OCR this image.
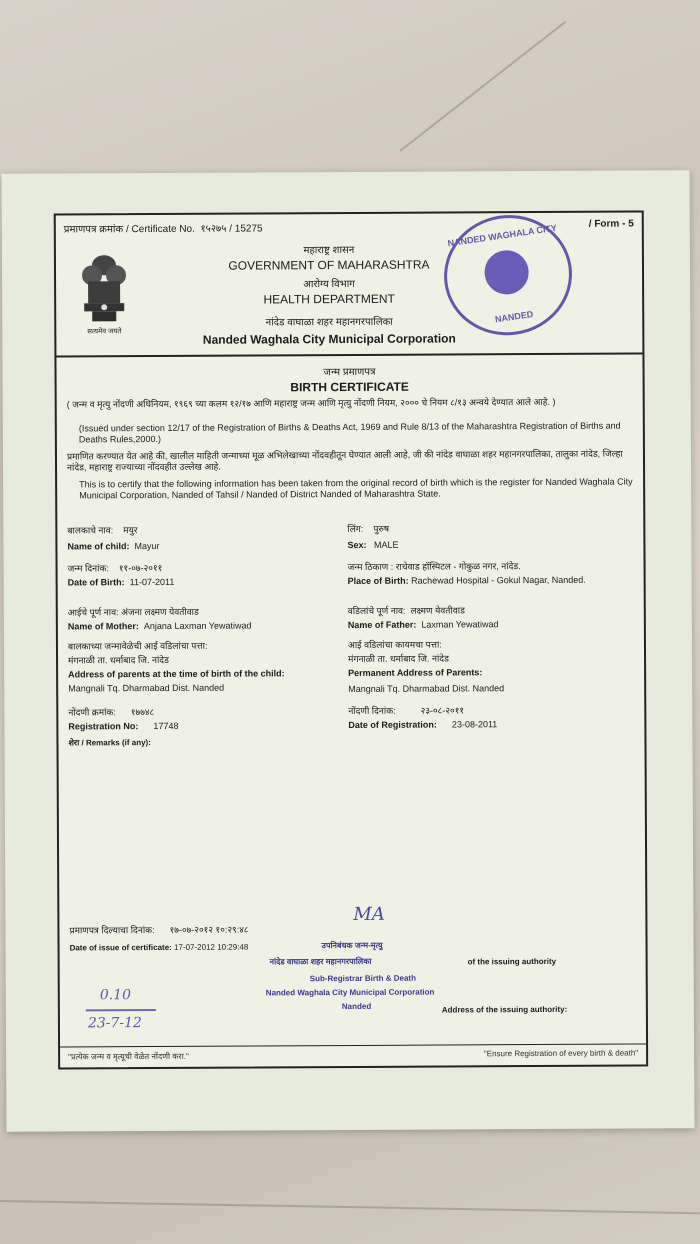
प्रमाणपत्र क्रमांक / Certificate No. १५२७५ / 15275	/ Form - 5
सत्यमेव जयते
महाराष्ट्र शासन
GOVERNMENT OF MAHARASHTRA
आरोग्य विभाग
HEALTH DEPARTMENT
नांदेड वाघाळा शहर महानगरपालिका
Nanded Waghala City Municipal Corporation
NANDED WAGHALA CITY
NANDED
जन्म प्रमाणपत्र
BIRTH CERTIFICATE
( जन्म व मृत्यु नोंदणी अधिनियम, १९६९ च्या कलम १२/१७ आणि महाराष्ट्र जन्म आणि मृत्यु नोंदणी नियम, २००० चे नियम ८/१३ अन्वये देण्यात आले आहे. )
(Issued under section 12/17 of the Registration of Births & Deaths Act, 1969 and Rule 8/13 of the Maharashtra Registration of Births and Deaths Rules,2000.)
प्रमाणित करण्यात येत आहे की, खालील माहिती जन्माच्या मूळ अभिलेखाच्या नोंदवहीतून घेण्यात आली आहे, जी की नांदेड वाघाळा शहर महानगरपालिका, तालुका नांदेड, जिल्हा नांदेड, महाराष्ट्र राज्याच्या नोंदवहीत उल्लेख आहे.
This is to certify that the following information has been taken from the original record of birth which is the register for Nanded Waghala City Municipal Corporation, Nanded of Tahsil / Nanded of District Nanded of Maharashtra State.
बालकाचे नाव: मयुर
Name of child: Mayur
जन्म दिनांक: ११-०७-२०११
Date of Birth: 11-07-2011
आईचे पूर्ण नाव: अंजना लक्ष्मण येवतीवाड
Name of Mother: Anjana Laxman Yewatiwad
बालकाच्या जन्मावेळेची आई वडिलांचा पत्ता:
मंगनाळी ता. धर्माबाद जि. नांदेड
Address of parents at the time of birth of the child:
Mangnali Tq. Dharmabad Dist. Nanded
नोंदणी क्रमांक: १७७४८
Registration No: 17748
लिंग: पुरुष
Sex: MALE
जन्म ठिकाण : राचेवाड हॉस्पिटल - गोकुळ नगर, नांदेड.
Place of Birth: Rachewad Hospital - Gokul Nagar, Nanded.
वडिलांचे पूर्ण नाव: लक्ष्मण येवतीवाड
Name of Father: Laxman Yewatiwad
आई वडिलांचा कायमचा पत्ता:
मंगनाळी ता. धर्माबाद जि. नांदेड
Permanent Address of Parents:
Mangnali Tq. Dharmabad Dist. Nanded
नोंदणी दिनांक:	२३-०८-२०११
Date of Registration: 23-08-2011
शेरा / Remarks (if any):
प्रमाणपत्र दिल्याचा दिनांक: १७-०७-२०१२ १०:२९:४८
Date of issue of certificate: 17-07-2012 10:29:48
MA
उपनिबंधक जन्म-मृत्यु
नांदेड वाघाळा शहर महानगरपालिका	of the issuing authority
Sub-Registrar Birth & Death
Nanded Waghala City Municipal Corporation
Nanded	Address of the issuing authority:
0.10
23-7-12
"प्रत्येक जन्म व मृत्यूची वेळेत नोंदणी करा."	"Ensure Registration of every birth & death"
